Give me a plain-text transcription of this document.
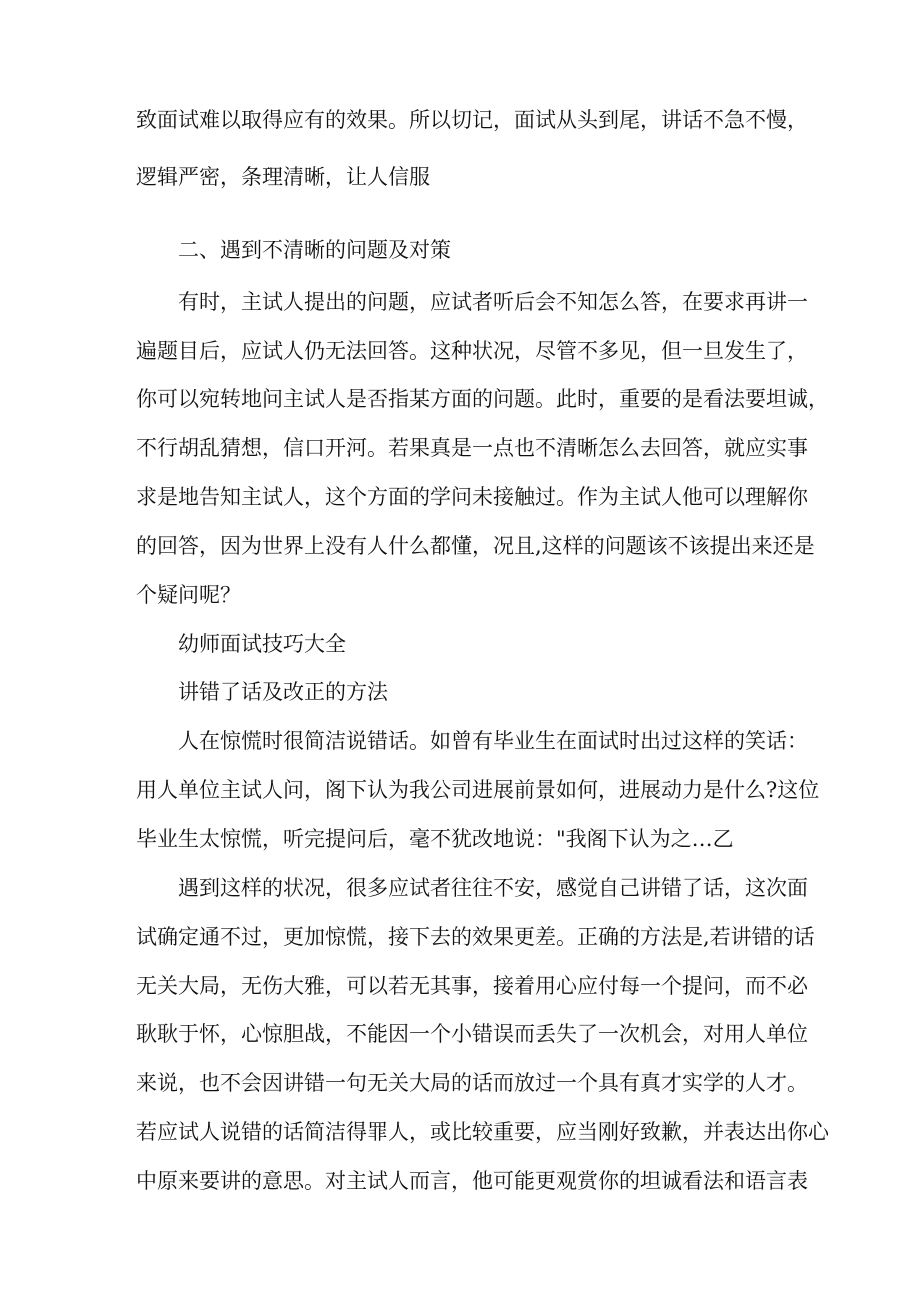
致面试难以取得应有的效果。所以切记，面试从头到尾，讲话不急不慢，
逻辑严密，条理清晰，让人信服
二、遇到不清晰的问题及对策
有时，主试人提出的问题，应试者听后会不知怎么答，在要求再讲一
遍题目后，应试人仍无法回答。这种状况，尽管不多见，但一旦发生了，
你可以宛转地问主试人是否指某方面的问题。此时，重要的是看法要坦诚，
不行胡乱猜想，信口开河。若果真是一点也不清晰怎么去回答，就应实事
求是地告知主试人，这个方面的学问未接触过。作为主试人他可以理解你
的回答，因为世界上没有人什么都懂，况且,这样的问题该不该提出来还是
个疑问呢？
幼师面试技巧大全
讲错了话及改正的方法
人在惊慌时很简洁说错话。如曾有毕业生在面试时出过这样的笑话：
用人单位主试人问，阁下认为我公司进展前景如何，进展动力是什么?这位
毕业生太惊慌，听完提问后，毫不犹改地说："我阁下认为之…乙
遇到这样的状况，很多应试者往往不安，感觉自己讲错了话，这次面
试确定通不过，更加惊慌，接下去的效果更差。正确的方法是,若讲错的话
无关大局，无伤大雅，可以若无其事，接着用心应付每一个提问，而不必
耿耿于怀，心惊胆战，不能因一个小错误而丢失了一次机会，对用人单位
来说，也不会因讲错一句无关大局的话而放过一个具有真才实学的人才。
若应试人说错的话简洁得罪人，或比较重要，应当刚好致歉，并表达出你心
中原来要讲的意思。对主试人而言，他可能更观赏你的坦诚看法和语言表
